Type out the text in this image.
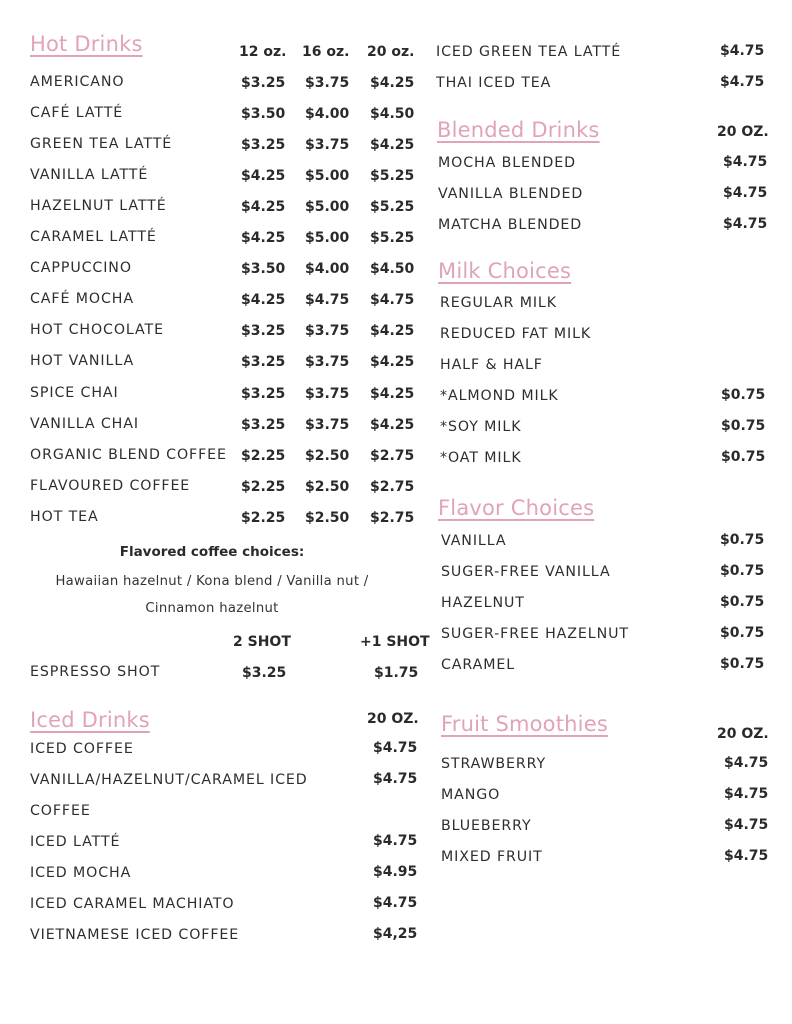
Hot Drinks	12 oz. 16 oz. 20 oz.
AMERICANO	$3.25 $3.75 $4.25
CAFÉ LATTÉ	$3.50 $4.00 $4.50
GREEN TEA LATTÉ	$3.25 $3.75 $4.25
VANILLA LATTÉ	$4.25 $5.00 $5.25
HAZELNUT LATTÉ	$4.25 $5.00 $5.25
CARAMEL LATTÉ	$4.25 $5.00 $5.25
CAPPUCCINO	$3.50 $4.00 $4.50
CAFÉ MOCHA	$4.25 $4.75 $4.75
HOT CHOCOLATE	$3.25 $3.75 $4.25
HOT VANILLA	$3.25 $3.75 $4.25
SPICE CHAI	$3.25 $3.75 $4.25
VANILLA CHAI	$3.25 $3.75 $4.25
ORGANIC BLEND COFFEE $2.25 $2.50 $2.75
FLAVOURED COFFEE	$2.25 $2.50 $2.75
HOT TEA	$2.25 $2.50 $2.75
Flavored coffee choices:
Hawaiian hazelnut / Kona blend / Vanilla nut /
Cinnamon hazelnut
2 SHOT	+1 SHOT
ESPRESSO SHOT	$3.25	$1.75
Iced Drinks	20 OZ.
ICED COFFEE	$4.75
VANILLA/HAZELNUT/CARAMEL ICED	$4.75
COFFEE
ICED LATTÉ	$4.75
ICED MOCHA	$4.95
ICED CARAMEL MACHIATO	$4.75
VIETNAMESE ICED COFFEE	$4,25
ICED GREEN TEA LATTÉ	$4.75
THAI ICED TEA	$4.75
Blended Drinks	20 OZ.
MOCHA BLENDED	$4.75
VANILLA BLENDED	$4.75
MATCHA BLENDED	$4.75
Milk Choices
REGULAR MILK
REDUCED FAT MILK
HALF & HALF
*ALMOND MILK	$0.75
*SOY MILK	$0.75
*OAT MILK	$0.75
Flavor Choices
VANILLA	$0.75
SUGER-FREE VANILLA	$0.75
HAZELNUT	$0.75
SUGER-FREE HAZELNUT	$0.75
CARAMEL	$0.75
Fruit Smoothies	20 OZ.
STRAWBERRY	$4.75
MANGO	$4.75
BLUEBERRY	$4.75
MIXED FRUIT	$4.75
